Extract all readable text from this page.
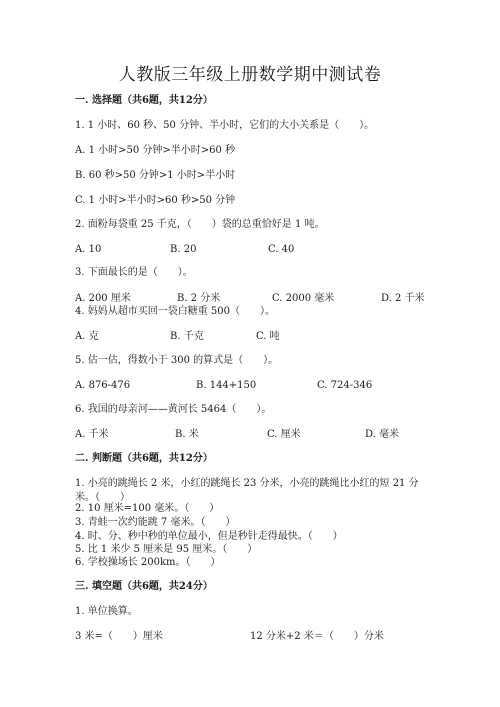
人教版三年级上册数学期中测试卷
一. 选择题（共6题，共12分）
1. 1 小时、60 秒、50 分钟、半小时，它们的大小关系是（　　）。
A. 1 小时>50 分钟>半小时>60 秒
B. 60 秒>50 分钟>1 小时>半小时
C. 1 小时>半小时>60 秒>50 分钟
2. 面粉每袋重 25 千克，（　　）袋的总重恰好是 1 吨。
A. 10	B. 20	C. 40
3. 下面最长的是（　　）。
A. 200 厘米	B. 2 分米	C. 2000 毫米	D. 2 千米
4. 妈妈从超市买回一袋白糖重 500（　　）。
A. 克	B. 千克	C. 吨
5. 估一估，得数小于 300 的算式是（　　）。
A. 876-476	B. 144+150	C. 724-346
6. 我国的母亲河——黄河长 5464（　　）。
A. 千米	B. 米	C. 厘米	D. 毫米
二. 判断题（共6题，共12分）
1. 小亮的跳绳长 2 米，小红的跳绳长 23 分米，小亮的跳绳比小红的短 21 分米。（　　）
2. 10 厘米=100 毫米。（　　）
3. 青蛙一次约能跳 7 毫米。（　　）
4. 时、分、秒中秒的单位最小，但是秒针走得最快。（　　）
5. 比 1 米少 5 厘米是 95 厘米。（　　）
6. 学校操场长 200km。（　　）
三. 填空题（共6题，共24分）
1. 单位换算。
3 米=（　　）厘米	12 分米+2 米＝（　　）分米
